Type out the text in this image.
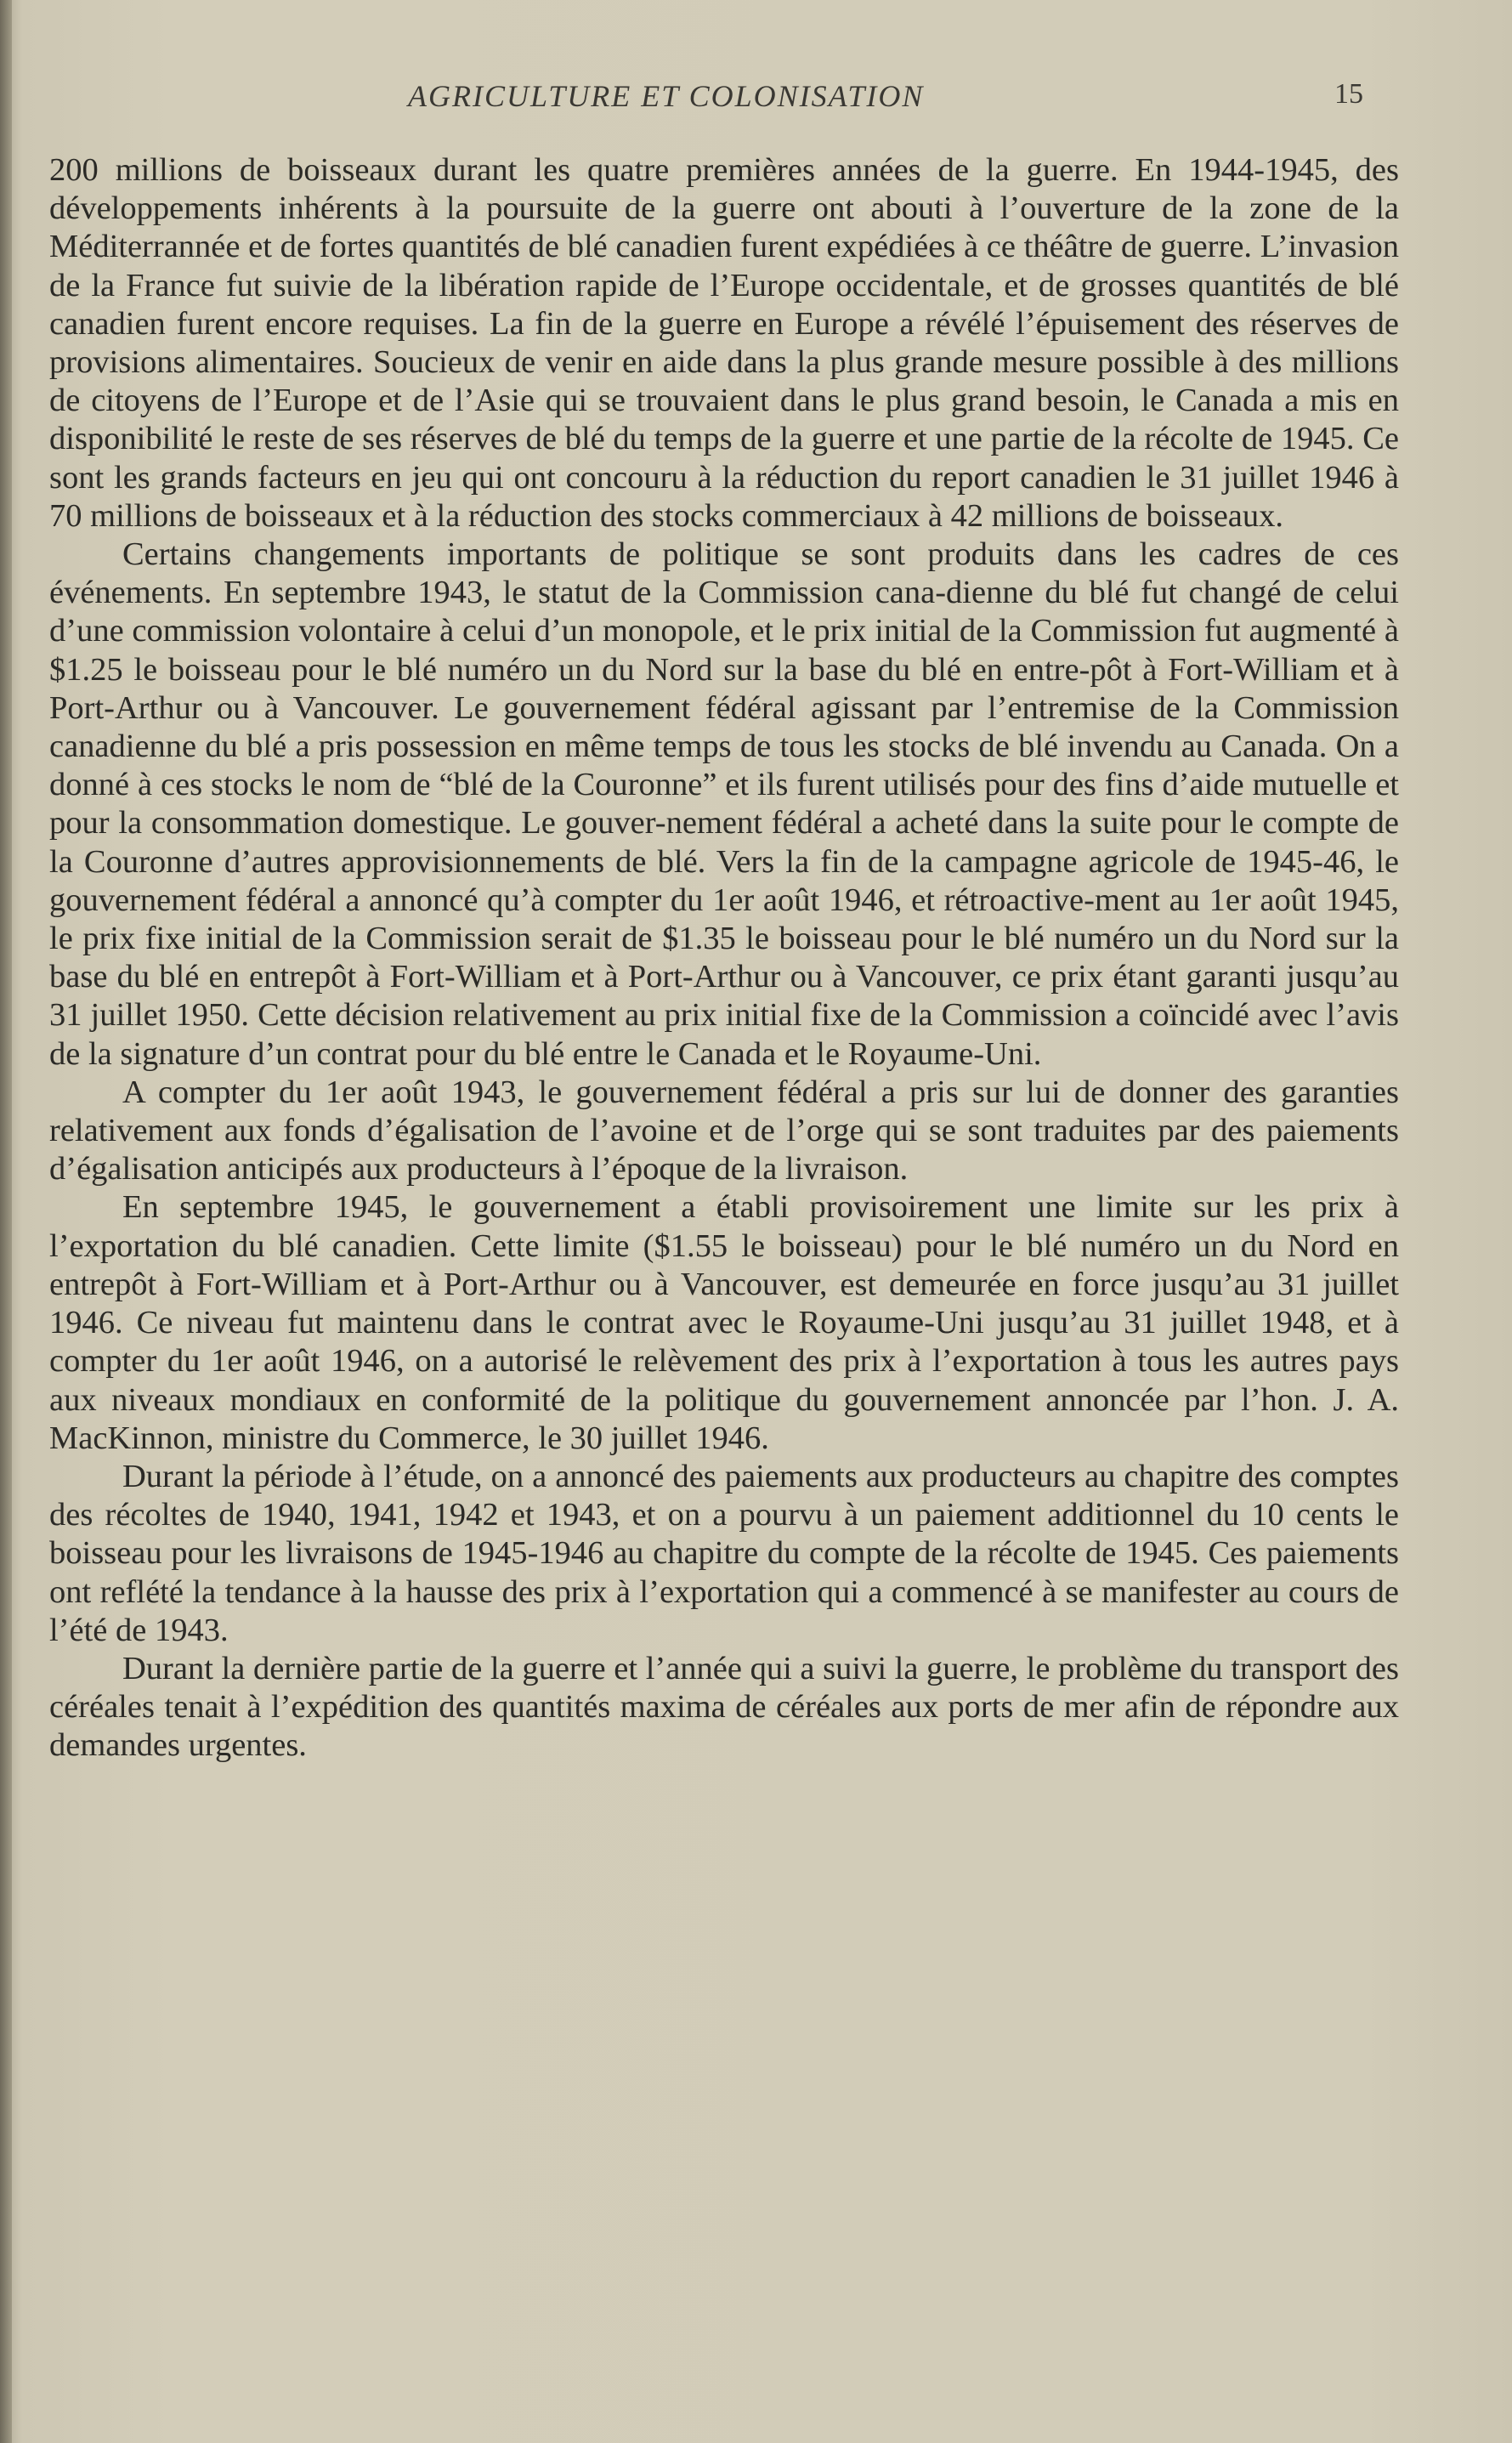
AGRICULTURE ET COLONISATION	15

200 millions de boisseaux durant les quatre premières années de la guerre. En 1944-1945, des développements inhérents à la poursuite de la guerre ont abouti à l’ouverture de la zone de la Méditerrannée et de fortes quantités de blé canadien furent expédiées à ce théâtre de guerre. L’invasion de la France fut suivie de la libération rapide de l’Europe occidentale, et de grosses quantités de blé canadien furent encore requises. La fin de la guerre en Europe a révélé l’épuisement des réserves de provisions alimentaires. Soucieux de venir en aide dans la plus grande mesure possible à des millions de citoyens de l’Europe et de l’Asie qui se trouvaient dans le plus grand besoin, le Canada a mis en disponibilité le reste de ses réserves de blé du temps de la guerre et une partie de la récolte de 1945. Ce sont les grands facteurs en jeu qui ont concouru à la réduction du report canadien le 31 juillet 1946 à 70 millions de boisseaux et à la réduction des stocks commerciaux à 42 millions de boisseaux.

Certains changements importants de politique se sont produits dans les cadres de ces événements. En septembre 1943, le statut de la Commission cana-dienne du blé fut changé de celui d’une commission volontaire à celui d’un monopole, et le prix initial de la Commission fut augmenté à $1.25 le boisseau pour le blé numéro un du Nord sur la base du blé en entre-pôt à Fort-William et à Port-Arthur ou à Vancouver. Le gouvernement fédéral agissant par l’entremise de la Commission canadienne du blé a pris possession en même temps de tous les stocks de blé invendu au Canada. On a donné à ces stocks le nom de “blé de la Couronne” et ils furent utilisés pour des fins d’aide mutuelle et pour la consommation domestique. Le gouver-nement fédéral a acheté dans la suite pour le compte de la Couronne d’autres approvisionnements de blé. Vers la fin de la campagne agricole de 1945-46, le gouvernement fédéral a annoncé qu’à compter du 1er août 1946, et rétroactive-ment au 1er août 1945, le prix fixe initial de la Commission serait de $1.35 le boisseau pour le blé numéro un du Nord sur la base du blé en entrepôt à Fort-William et à Port-Arthur ou à Vancouver, ce prix étant garanti jusqu’au 31 juillet 1950. Cette décision relativement au prix initial fixe de la Commission a coïncidé avec l’avis de la signature d’un contrat pour du blé entre le Canada et le Royaume-Uni.

A compter du 1er août 1943, le gouvernement fédéral a pris sur lui de donner des garanties relativement aux fonds d’égalisation de l’avoine et de l’orge qui se sont traduites par des paiements d’égalisation anticipés aux producteurs à l’époque de la livraison.

En septembre 1945, le gouvernement a établi provisoirement une limite sur les prix à l’exportation du blé canadien. Cette limite ($1.55 le boisseau) pour le blé numéro un du Nord en entrepôt à Fort-William et à Port-Arthur ou à Vancouver, est demeurée en force jusqu’au 31 juillet 1946. Ce niveau fut maintenu dans le contrat avec le Royaume-Uni jusqu’au 31 juillet 1948, et à compter du 1er août 1946, on a autorisé le relèvement des prix à l’exportation à tous les autres pays aux niveaux mondiaux en conformité de la politique du gouvernement annoncée par l’hon. J. A. MacKinnon, ministre du Commerce, le 30 juillet 1946.

Durant la période à l’étude, on a annoncé des paiements aux producteurs au chapitre des comptes des récoltes de 1940, 1941, 1942 et 1943, et on a pourvu à un paiement additionnel du 10 cents le boisseau pour les livraisons de 1945-1946 au chapitre du compte de la récolte de 1945. Ces paiements ont reflété la tendance à la hausse des prix à l’exportation qui a commencé à se manifester au cours de l’été de 1943.

Durant la dernière partie de la guerre et l’année qui a suivi la guerre, le problème du transport des céréales tenait à l’expédition des quantités maxima de céréales aux ports de mer afin de répondre aux demandes urgentes.
